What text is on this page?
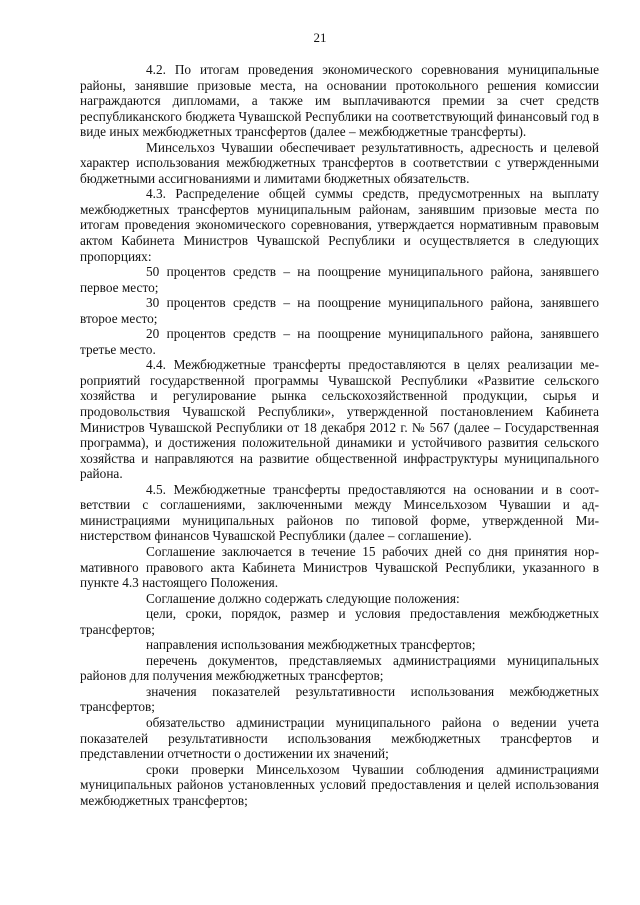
21

4.2. По итогам проведения экономического соревнования муниципальные районы, занявшие призовые места, на основании протокольного решения комиссии награждаются дипломами, а также им выплачиваются премии за счет средств республиканского бюджета Чувашской Республики на соответствующий финансовый год в виде иных межбюджетных трансфертов (далее – межбюджетные трансферты).

Минсельхоз Чувашии обеспечивает результативность, адресность и целевой характер использования межбюджетных трансфертов в соответствии с утвержденными бюджетными ассигнованиями и лимитами бюджетных обязательств.

4.3. Распределение общей суммы средств, предусмотренных на выплату межбюджетных трансфертов муниципальным районам, занявшим призовые места по итогам проведения экономического соревнования, утверждается нормативным правовым актом Кабинета Министров Чувашской Республики и осуществляется в следующих пропорциях:

50 процентов средств – на поощрение муниципального района, занявшего первое место;

30 процентов средств – на поощрение муниципального района, занявшего второе место;

20 процентов средств – на поощрение муниципального района, занявшего третье место.

4.4. Межбюджетные трансферты предоставляются в целях реализации мероприятий государственной программы Чувашской Республики «Развитие сельского хозяйства и регулирование рынка сельскохозяйственной продукции, сырья и продовольствия Чувашской Республики», утвержденной постановлением Кабинета Министров Чувашской Республики от 18 декабря 2012 г. № 567 (далее – Государственная программа), и достижения положительной динамики и устойчивого развития сельского хозяйства и направляются на развитие общественной инфраструктуры муниципального района.

4.5. Межбюджетные трансферты предоставляются на основании и в соответствии с соглашениями, заключенными между Минсельхозом Чувашии и администрациями муниципальных районов по типовой форме, утвержденной Министерством финансов Чувашской Республики (далее – соглашение).

Соглашение заключается в течение 15 рабочих дней со дня принятия нормативного правового акта Кабинета Министров Чувашской Республики, указанного в пункте 4.3 настоящего Положения.

Соглашение должно содержать следующие положения:

цели, сроки, порядок, размер и условия предоставления межбюджетных трансфертов;

направления использования межбюджетных трансфертов;

перечень документов, представляемых администрациями муниципальных районов для получения межбюджетных трансфертов;

значения показателей результативности использования межбюджетных трансфертов;

обязательство администрации муниципального района о ведении учета показателей результативности использования межбюджетных трансфертов и представлении отчетности о достижении их значений;

сроки проверки Минсельхозом Чувашии соблюдения администрациями муниципальных районов установленных условий предоставления и целей использования межбюджетных трансфертов;
